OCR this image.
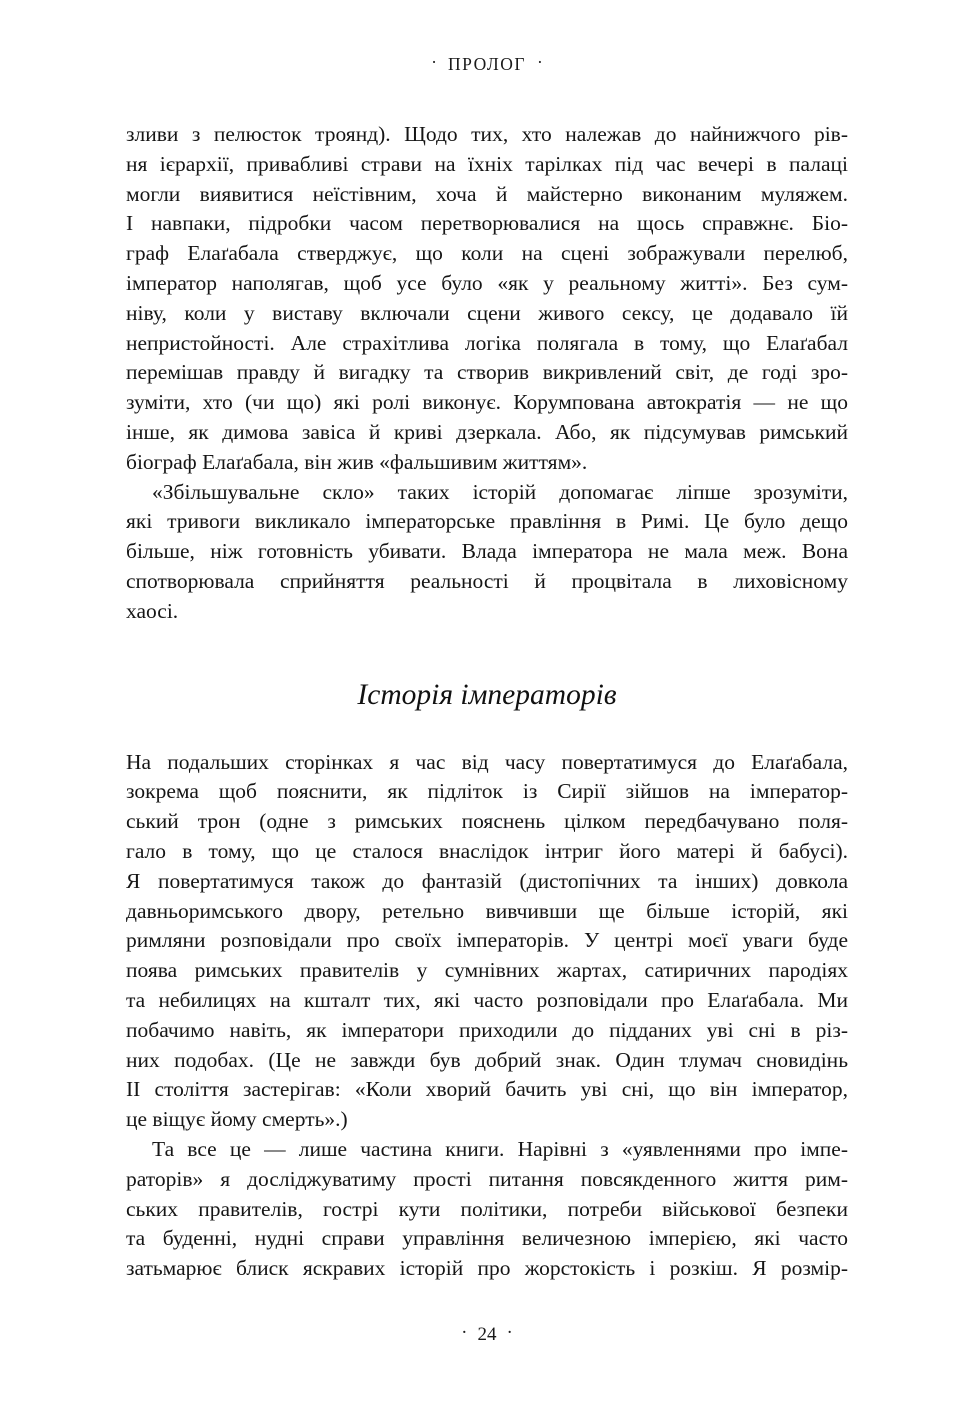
· ПРОЛОГ ·
зливи з пелюсток троянд). Щодо тих, хто належав до найнижчого рів-
ня ієрархії, привабливі страви на їхніх тарілках під час вечері в палаці
могли виявитися неїстівним, хоча й майстерно виконаним муляжем.
І навпаки, підробки часом перетворювалися на щось справжнє. Біо-
граф Елаґабала стверджує, що коли на сцені зображували перелюб,
імператор наполягав, щоб усе було «як у реальному житті». Без сум-
ніву, коли у виставу включали сцени живого сексу, це додавало їй
непристойності. Але страхітлива логіка полягала в тому, що Елаґабал
перемішав правду й вигадку та створив викривлений світ, де годі зро-
зуміти, хто (чи що) які ролі виконує. Корумпована автократія — не що
інше, як димова завіса й криві дзеркала. Або, як підсумував римський
біограф Елаґабала, він жив «фальшивим життям».
«Збільшувальне скло» таких історій допомагає ліпше зрозуміти,
які тривоги викликало імператорське правління в Римі. Це було дещо
більше, ніж готовність убивати. Влада імператора не мала меж. Вона
спотворювала сприйняття реальності й процвітала в лиховісному
хаосі.
Історія імператорів
На подальших сторінках я час від часу повертатимуся до Елаґабала,
зокрема щоб пояснити, як підліток із Сирії зійшов на імператор-
ський трон (одне з римських пояснень цілком передбачувано поля-
гало в тому, що це сталося внаслідок інтриг його матері й бабусі).
Я повертатимуся також до фантазій (дистопічних та інших) довкола
давньоримського двору, ретельно вивчивши ще більше історій, які
римляни розповідали про своїх імператорів. У центрі моєї уваги буде
поява римських правителів у сумнівних жартах, сатиричних пародіях
та небилицях на кшталт тих, які часто розповідали про Елаґабала. Ми
побачимо навіть, як імператори приходили до підданих уві сні в різ-
них подобах. (Це не завжди був добрий знак. Один тлумач сновидінь
II століття застерігав: «Коли хворий бачить уві сні, що він імператор,
це віщує йому смерть».)
Та все це — лише частина книги. Нарівні з «уявленнями про імпе-
раторів» я досліджуватиму прості питання повсякденного життя рим-
ських правителів, гострі кути політики, потреби військової безпеки
та буденні, нудні справи управління величезною імперією, які часто
затьмарює блиск яскравих історій про жорстокість і розкіш. Я розмір-
· 24 ·
